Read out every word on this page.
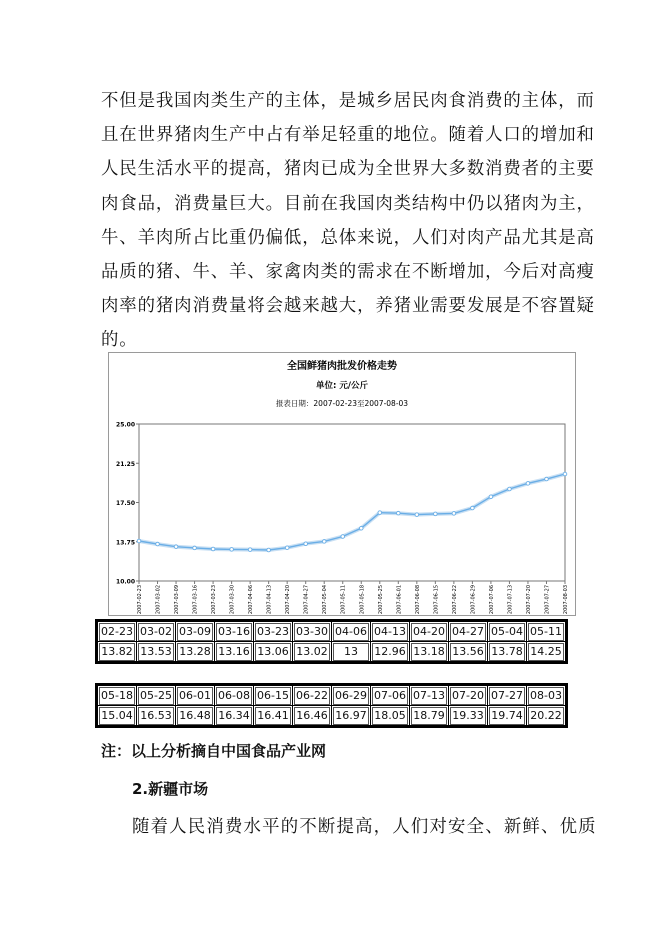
不但是我国肉类生产的主体，是城乡居民肉食消费的主体，而
且在世界猪肉生产中占有举足轻重的地位。随着人口的增加和
人民生活水平的提高，猪肉已成为全世界大多数消费者的主要
肉食品，消费量巨大。目前在我国肉类结构中仍以猪肉为主，
牛、羊肉所占比重仍偏低，总体来说，人们对肉产品尤其是高
品质的猪、牛、羊、家禽肉类的需求在不断增加，今后对高瘦
肉率的猪肉消费量将会越来越大，养猪业需要发展是不容置疑
的。
全国鲜猪肉批发价格走势
单位: 元/公斤
报表日期：2007-02-23至2007-08-03
25.00
21.25
17.50
13.75
10.00
2007-02-23	2007-03-02	2007-03-09	2007-03-16	2007-03-23	2007-03-30	2007-04-06	2007-04-13	2007-04-20	2007-04-27	2007-05-04	2007-05-11	2007-05-18	2007-05-25	2007-06-01	2007-06-08	2007-06-15	2007-06-22	2007-06-29	2007-07-06	2007-07-13	2007-07-20	2007-07-27	2007-08-03
02-23	03-02	03-09	03-16	03-23	03-30	04-06	04-13	04-20	04-27	05-04	05-11

13.82	13.53	13.28	13.16	13.06	13.02	13	12.96	13.18	13.56	13.78	14.25
05-18	05-25	06-01	06-08	06-15	06-22	06-29	07-06	07-13	07-20	07-27	08-03

15.04	16.53	16.48	16.34	16.41	16.46	16.97	18.05	18.79	19.33	19.74	20.22
注：以上分析摘自中国食品产业网
2.新疆市场
随着人民消费水平的不断提高，人们对安全、新鲜、优质
